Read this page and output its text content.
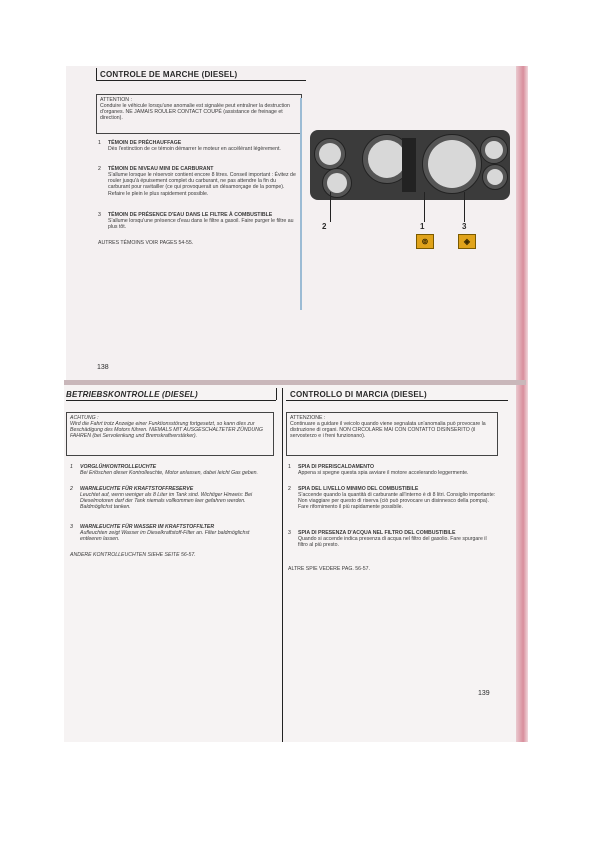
CONTROLE DE MARCHE (DIESEL)
ATTENTION :
Conduire le véhicule lorsqu'une anomalie est signalée peut entraîner la destruction d'organes. NE JAMAIS ROULER CONTACT COUPÉ (assistance de freinage et direction).
1 TÉMOIN DE PRÉCHAUFFAGE
Dès l'extinction de ce témoin démarrer le moteur en accélérant légèrement.
2 TÉMOIN DE NIVEAU MINI DE CARBURANT
S'allume lorsque le réservoir contient encore 8 litres. Conseil important : Évitez de rouler jusqu'à épuisement complet du carburant, ne pas attendre la fin du carburant pour ravitailler (ce qui provoquerait un désamorçage de la pompe). Refaire le plein le plus rapidement possible.
3 TÉMOIN DE PRÉSENCE D'EAU DANS LE FILTRE À COMBUSTIBLE
S'allume lorsqu'une présence d'eau dans le filtre a gasoil. Faire purger le filtre au plus tôt.
AUTRES TÉMOINS VOIR PAGES 54-55.
138
2	1	3
⊚	◈
BETRIEBSKONTROLLE (DIESEL)
ACHTUNG :
Wird die Fahrt trotz Anzeige einer Funktionsstörung fortgesetzt, so kann dies zur Beschädigung des Motors führen. NIEMALS MIT AUSGESCHALTETER ZÜNDUNG FAHREN (bei Servolenkung und Bremskraftverstärker).
1 VORGLÜHKONTROLLEUCHTE
Bei Erlöschen dieser Kontrolleuchte, Motor anlassen, dabei leicht Gas geben.
2 WARNLEUCHTE FÜR KRAFTSTOFFRESERVE
Leuchtet auf, wenn weniger als 8 Liter im Tank sind. Wichtiger Hinweis: Bei Dieselmotoren darf der Tank niemals vollkommen leer gefahren werden. Baldmöglichst tanken.
3 WARNLEUCHTE FÜR WASSER IM KRAFTSTOFFILTER
Aufleuchten zeigt Wasser im Dieselkraftstoff-Filter an. Filter baldmöglichst entleeren lassen.
ANDERE KONTROLLEUCHTEN SIEHE SEITE 56-57.
CONTROLLO DI MARCIA (DIESEL)
ATTENZIONE :
Continuare a guidare il veicolo quando viene segnalata un'anomalia può provocare la distruzione di organi. NON CIRCOLARE MAI CON CONTATTO DISINSERITO (il servosterzo e i freni funzionano).
1 SPIA DI PRERISCALDAMENTO
Appena si spegne questa spia avviare il motore accelerando leggermente.
2 SPIA DEL LIVELLO MINIMO DEL COMBUSTIBILE
S'accende quando la quantità di carburante all'interno è di 8 litri. Consiglio importante: Non viaggiare per questo di riserva (ciò può provocare un disinnesco della pompa). Fare rifornimento il più rapidamente possibile.
3 SPIA DI PRESENZA D'ACQUA NEL FILTRO DEL COMBUSTIBILE
Quando si accende indica presenza di acqua nel filtro del gasolio. Fare spurgare il filtro al più presto.
ALTRE SPIE VEDERE PAG. 56-57.
139
